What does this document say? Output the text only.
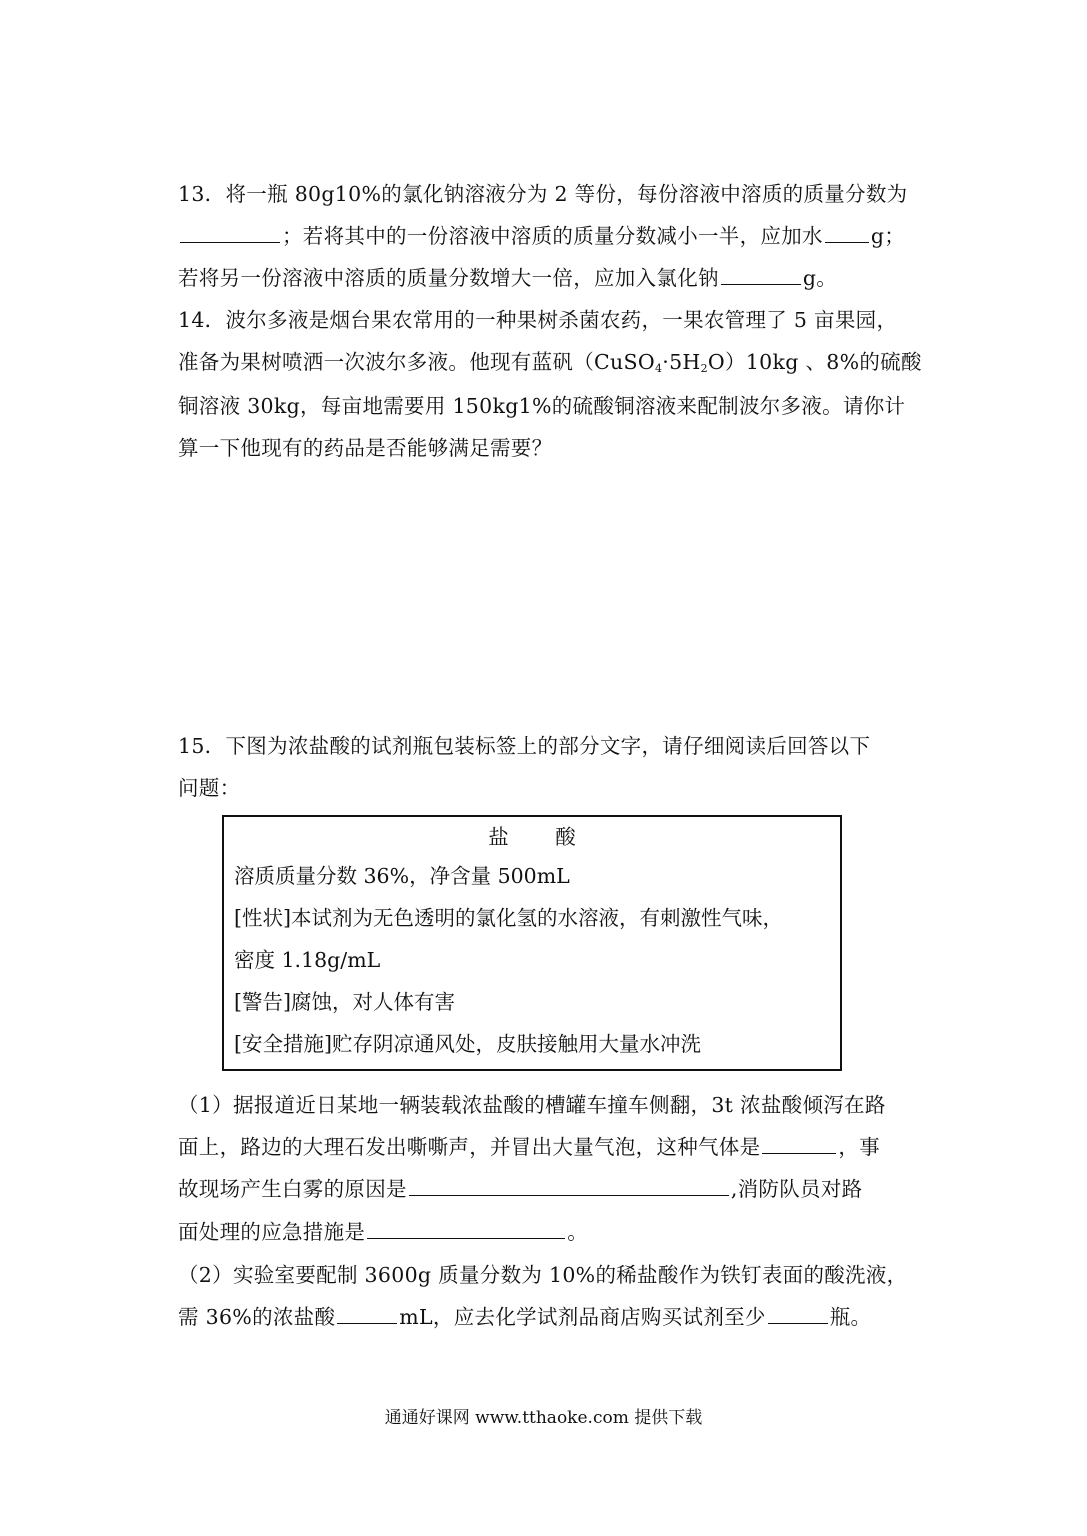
13．将一瓶 80g10%的氯化钠溶液分为 2 等份，每份溶液中溶质的质量分数为
；若将其中的一份溶液中溶质的质量分数减小一半，应加水 g；
若将另一份溶液中溶质的质量分数增大一倍，应加入氯化钠	g。
14．波尔多液是烟台果农常用的一种果树杀菌农药，一果农管理了 5 亩果园，
准备为果树喷洒一次波尔多液。他现有蓝矾$(CuSO_4\cdot 5H_2O)10kg$ 、8%的硫酸
铜溶液 30kg，每亩地需要用 150kg1%的硫酸铜溶液来配制波尔多液。请你计
算一下他现有的药品是否能够满足需要？
15．下图为浓盐酸的试剂瓶包装标签上的部分文字，请仔细阅读后回答以下
问题：
盐 酸
溶质质量分数 36%，净含量 500mL
[性状]本试剂为无色透明的氯化氢的水溶液，有刺激性气味，
密度 1.18g/mL
[警告]腐蚀，对人体有害
[安全措施]贮存阴凉通风处，皮肤接触用大量水冲洗
（1）据报道近日某地一辆装载浓盐酸的槽罐车撞车侧翻，3t 浓盐酸倾泻在路
面上，路边的大理石发出嘶嘶声，并冒出大量气泡，这种气体是	，事
故现场产生白雾的原因是	,消防队员对路
面处理的应急措施是	。
（2）实验室要配制 3600g 质量分数为 10%的稀盐酸作为铁钉表面的酸洗液，
需 36%的浓盐酸	mL，应去化学试剂品商店购买试剂至少	瓶。
通通好课网 www.tthaoke.com 提供下载
